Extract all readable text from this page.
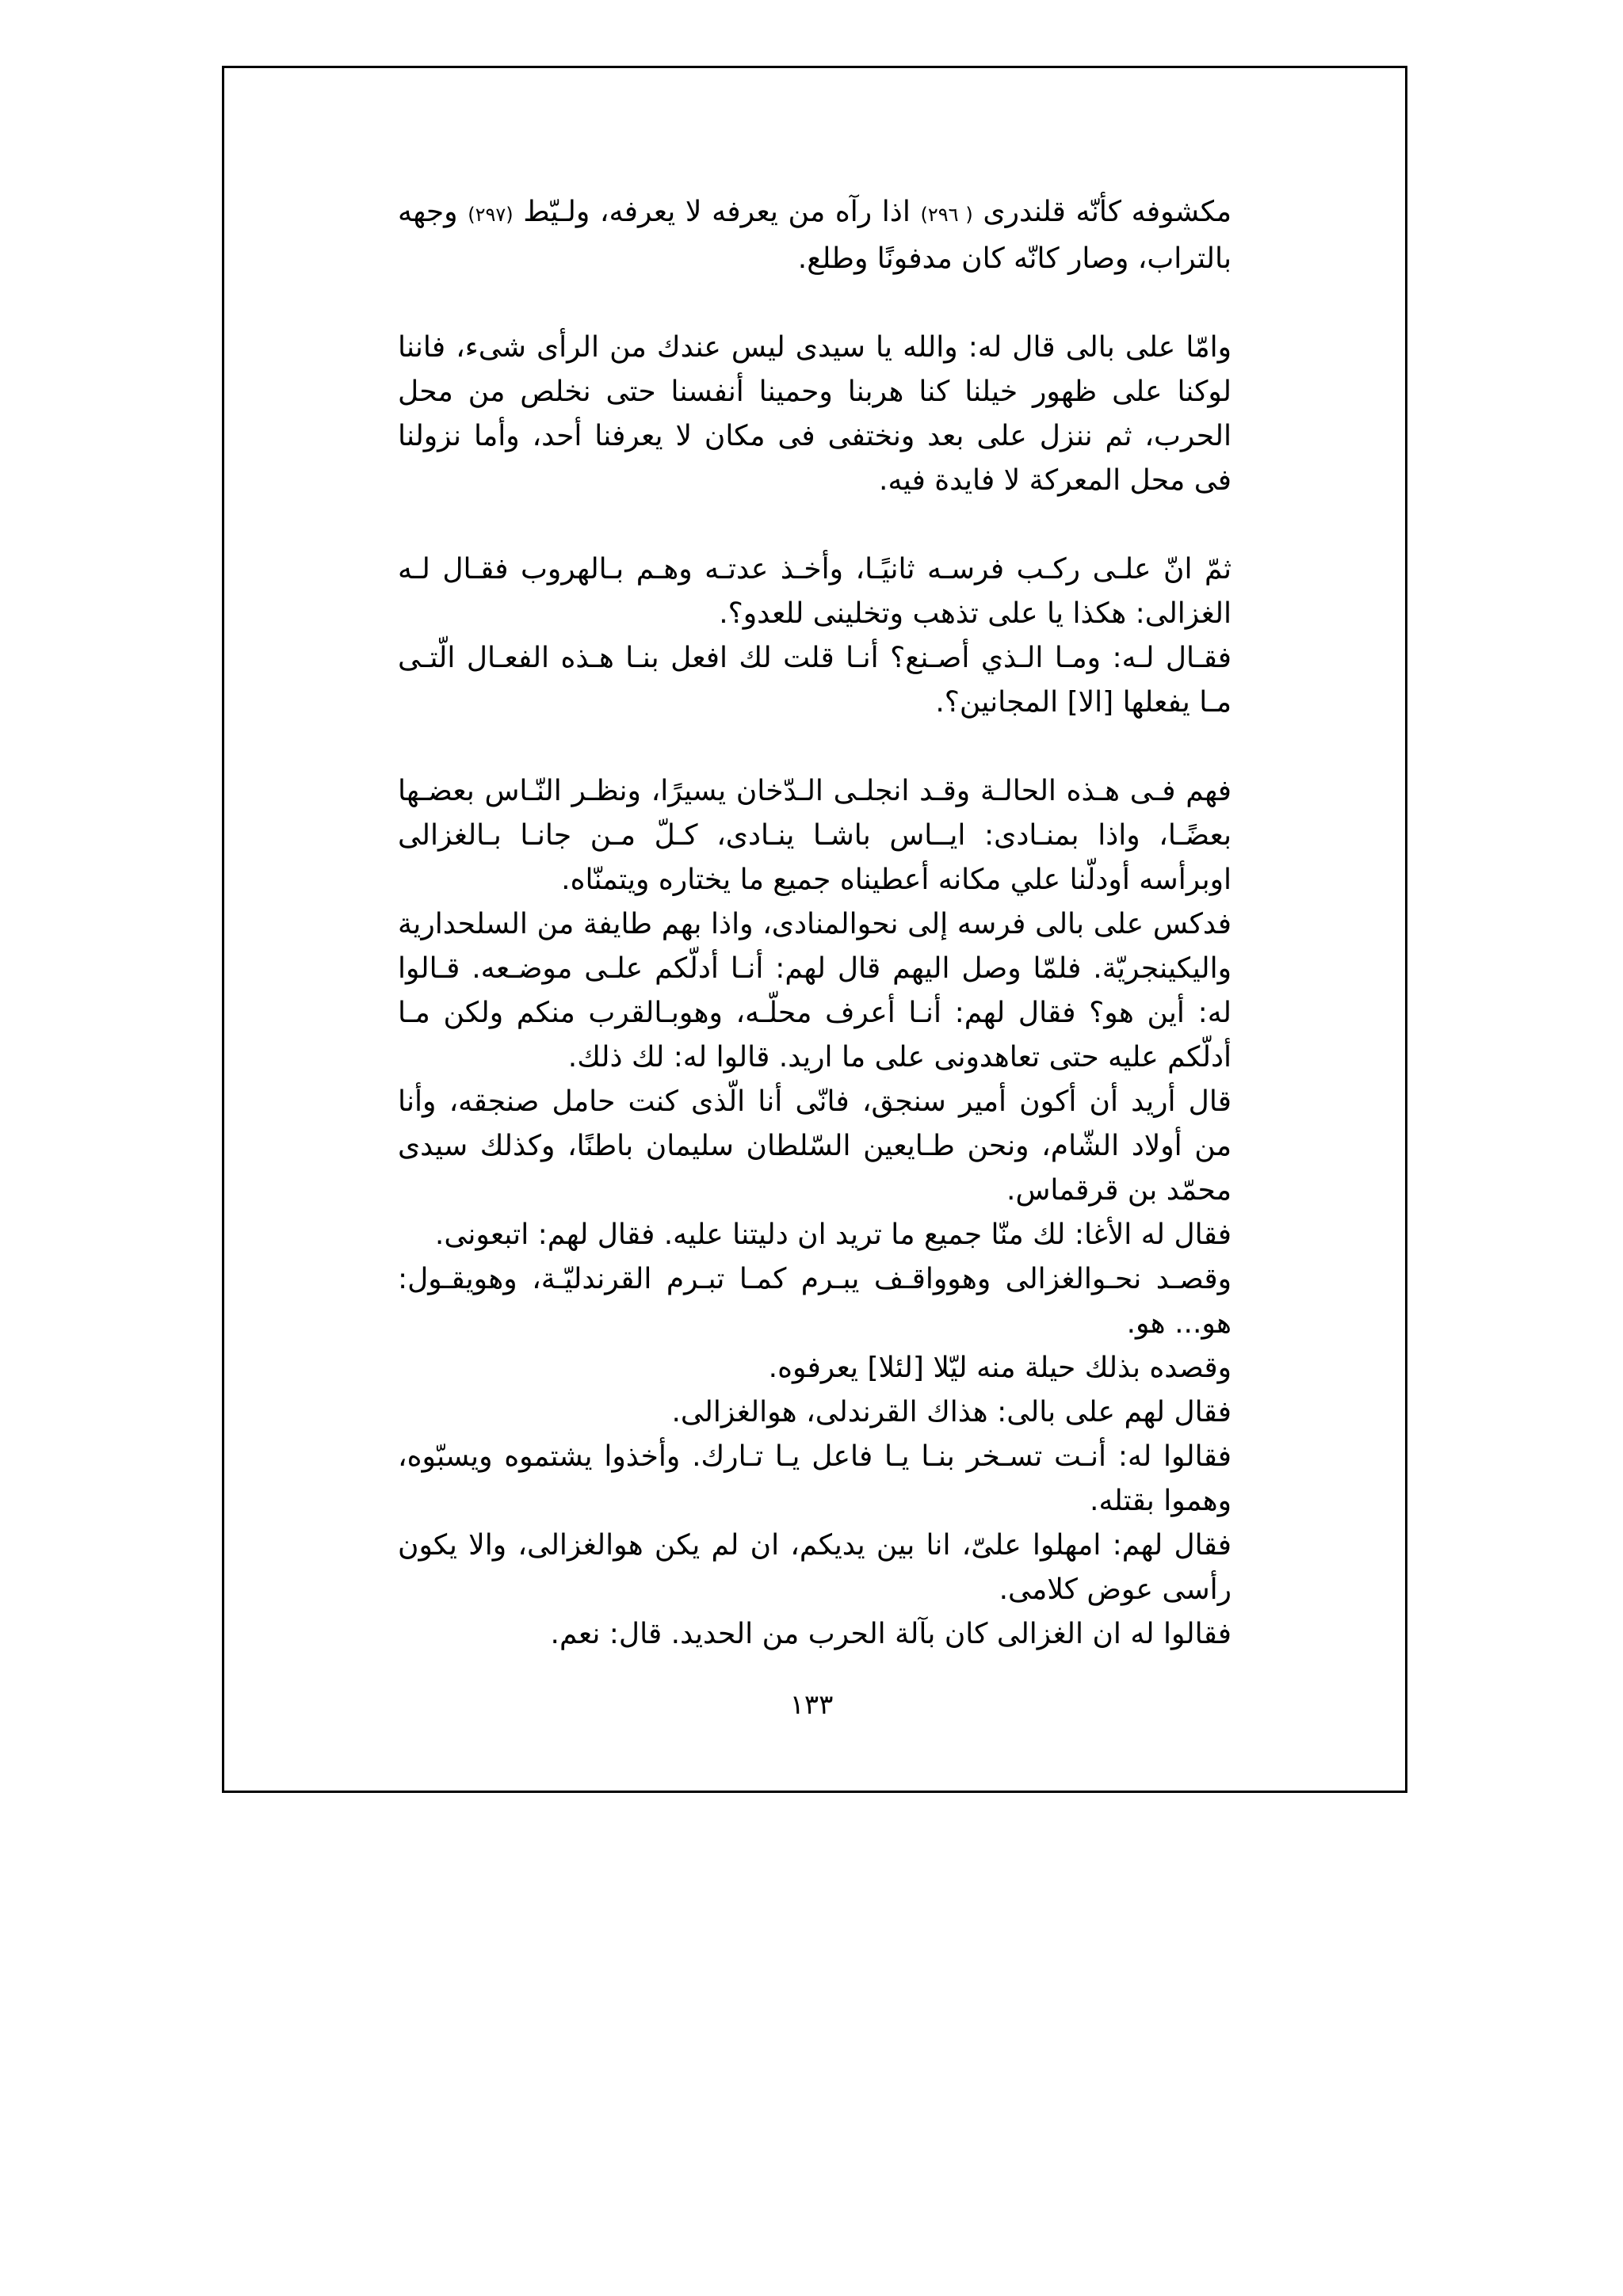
مكشوفه كأنّه قلندرى ( ٢٩٦) اذا رآه من يعرفه لا يعرفه، ولـيّط (٢٩٧) وجهه بالتراب، وصار كانّه كان مدفونًا وطلع.

وامّا على بالى قال له: والله يا سيدى ليس عندك من الرأى شىء، فاننا لوكنا على ظهور خيلنا كنا هربنا وحمينا أنفسنا حتى نخلص من محل الحرب، ثم ننزل على بعد ونختفى فى مكان لا يعرفنا أحد، وأما نزولنا فى محل المعركة لا فايدة فيه.

ثمّ انّ علـى ركـب فرسـه ثانيًـا، وأخـذ عدتـه وهـم بـالهروب فقـال لـه الغزالى: هكذا يا على تذهب وتخلينى للعدو؟.

فقـال لـه: ومـا الـذي أصـنع؟ أنـا قلت لك افعل بنـا هـذه الفعـال الّتـى مـا يفعلها [الا] المجانين؟.

فهم فـى هـذه الحالـة وقـد انجلـى الـدّخان يسيرًا، ونظـر النّـاس بعضـها بعضًـا، واذا بمنـادى: ايــاس باشـا ينـادى، كـلّ مـن جانـا بـالغزالى اوبرأسه أودلّنا علي مكانه أعطيناه جميع ما يختاره ويتمنّاه.

فدكس على بالى فرسه إلى نحوالمنادى، واذا بهم طايفة من السلحدارية واليكينجريّة. فلمّا وصل اليهم قال لهم: أنـا أدلّكم علـى موضـعه. قـالوا له: أين هو؟ فقال لهم: أنـا أعرف محلّـه، وهوبـالقرب منكم ولكن مـا أدلّكم عليه حتى تعاهدونى على ما اريد. قالوا له: لك ذلك.

قال أريد أن أكون أمير سنجق، فانّى أنا الّذى كنت حامل صنجقه، وأنا من أولاد الشّام، ونحن طـايعين السّلطان سليمان باطنًا، وكذلك سيدى محمّد بن قرقماس.

فقال له الأغا: لك منّا جميع ما تريد ان دليتنا عليه. فقال لهم: اتبعونى.

وقصـد نحـوالغزالى وهوواقـف يبـرم كمـا تبـرم القرندليّـة، وهويقـول: هو... هو.

وقصده بذلك حيلة منه ليّلا [لئلا] يعرفوه.

فقال لهم على بالى: هذاك القرندلى، هوالغزالى.

فقالوا له: أنـت تسـخر بنـا يـا فاعل يـا تـارك. وأخذوا يشتموه ويسبّوه، وهموا بقتله.

فقال لهم: امهلوا علىّ، انا بين يديكم، ان لم يكن هوالغزالى، والا يكون رأسى عوض كلامى.

فقالوا له ان الغزالى كان بآلة الحرب من الحديد. قال: نعم.

١٣٣
